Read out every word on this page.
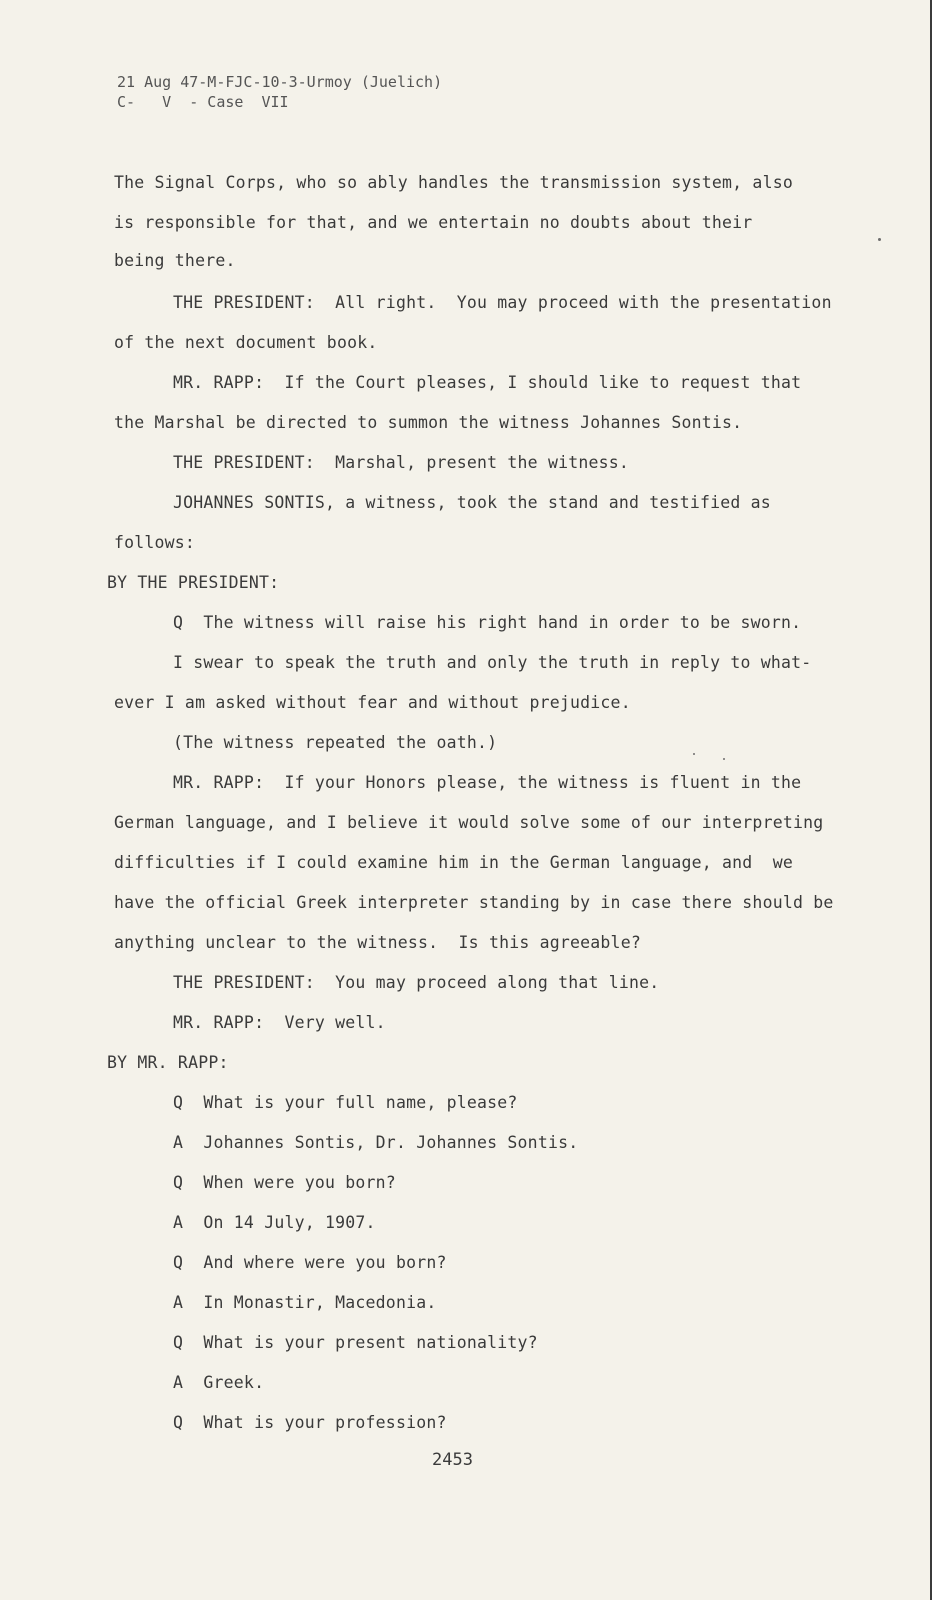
21 Aug 47-M-FJC-10-3-Urmoy (Juelich)
C-   V  - Case  VII
The Signal Corps, who so ably handles the transmission system, also
is responsible for that, and we entertain no doubts about their
being there.
THE PRESIDENT:  All right.  You may proceed with the presentation
of the next document book.
MR. RAPP:  If the Court pleases, I should like to request that
the Marshal be directed to summon the witness Johannes Sontis.
THE PRESIDENT:  Marshal, present the witness.
JOHANNES SONTIS, a witness, took the stand and testified as
follows:
BY THE PRESIDENT:
Q  The witness will raise his right hand in order to be sworn.
I swear to speak the truth and only the truth in reply to what-
ever I am asked without fear and without prejudice.
(The witness repeated the oath.)
MR. RAPP:  If your Honors please, the witness is fluent in the
German language, and I believe it would solve some of our interpreting
difficulties if I could examine him in the German language, and  we
have the official Greek interpreter standing by in case there should be
anything unclear to the witness.  Is this agreeable?
THE PRESIDENT:  You may proceed along that line.
MR. RAPP:  Very well.
BY MR. RAPP:
Q  What is your full name, please?
A  Johannes Sontis, Dr. Johannes Sontis.
Q  When were you born?
A  On 14 July, 1907.
Q  And where were you born?
A  In Monastir, Macedonia.
Q  What is your present nationality?
A  Greek.
Q  What is your profession?
2453
